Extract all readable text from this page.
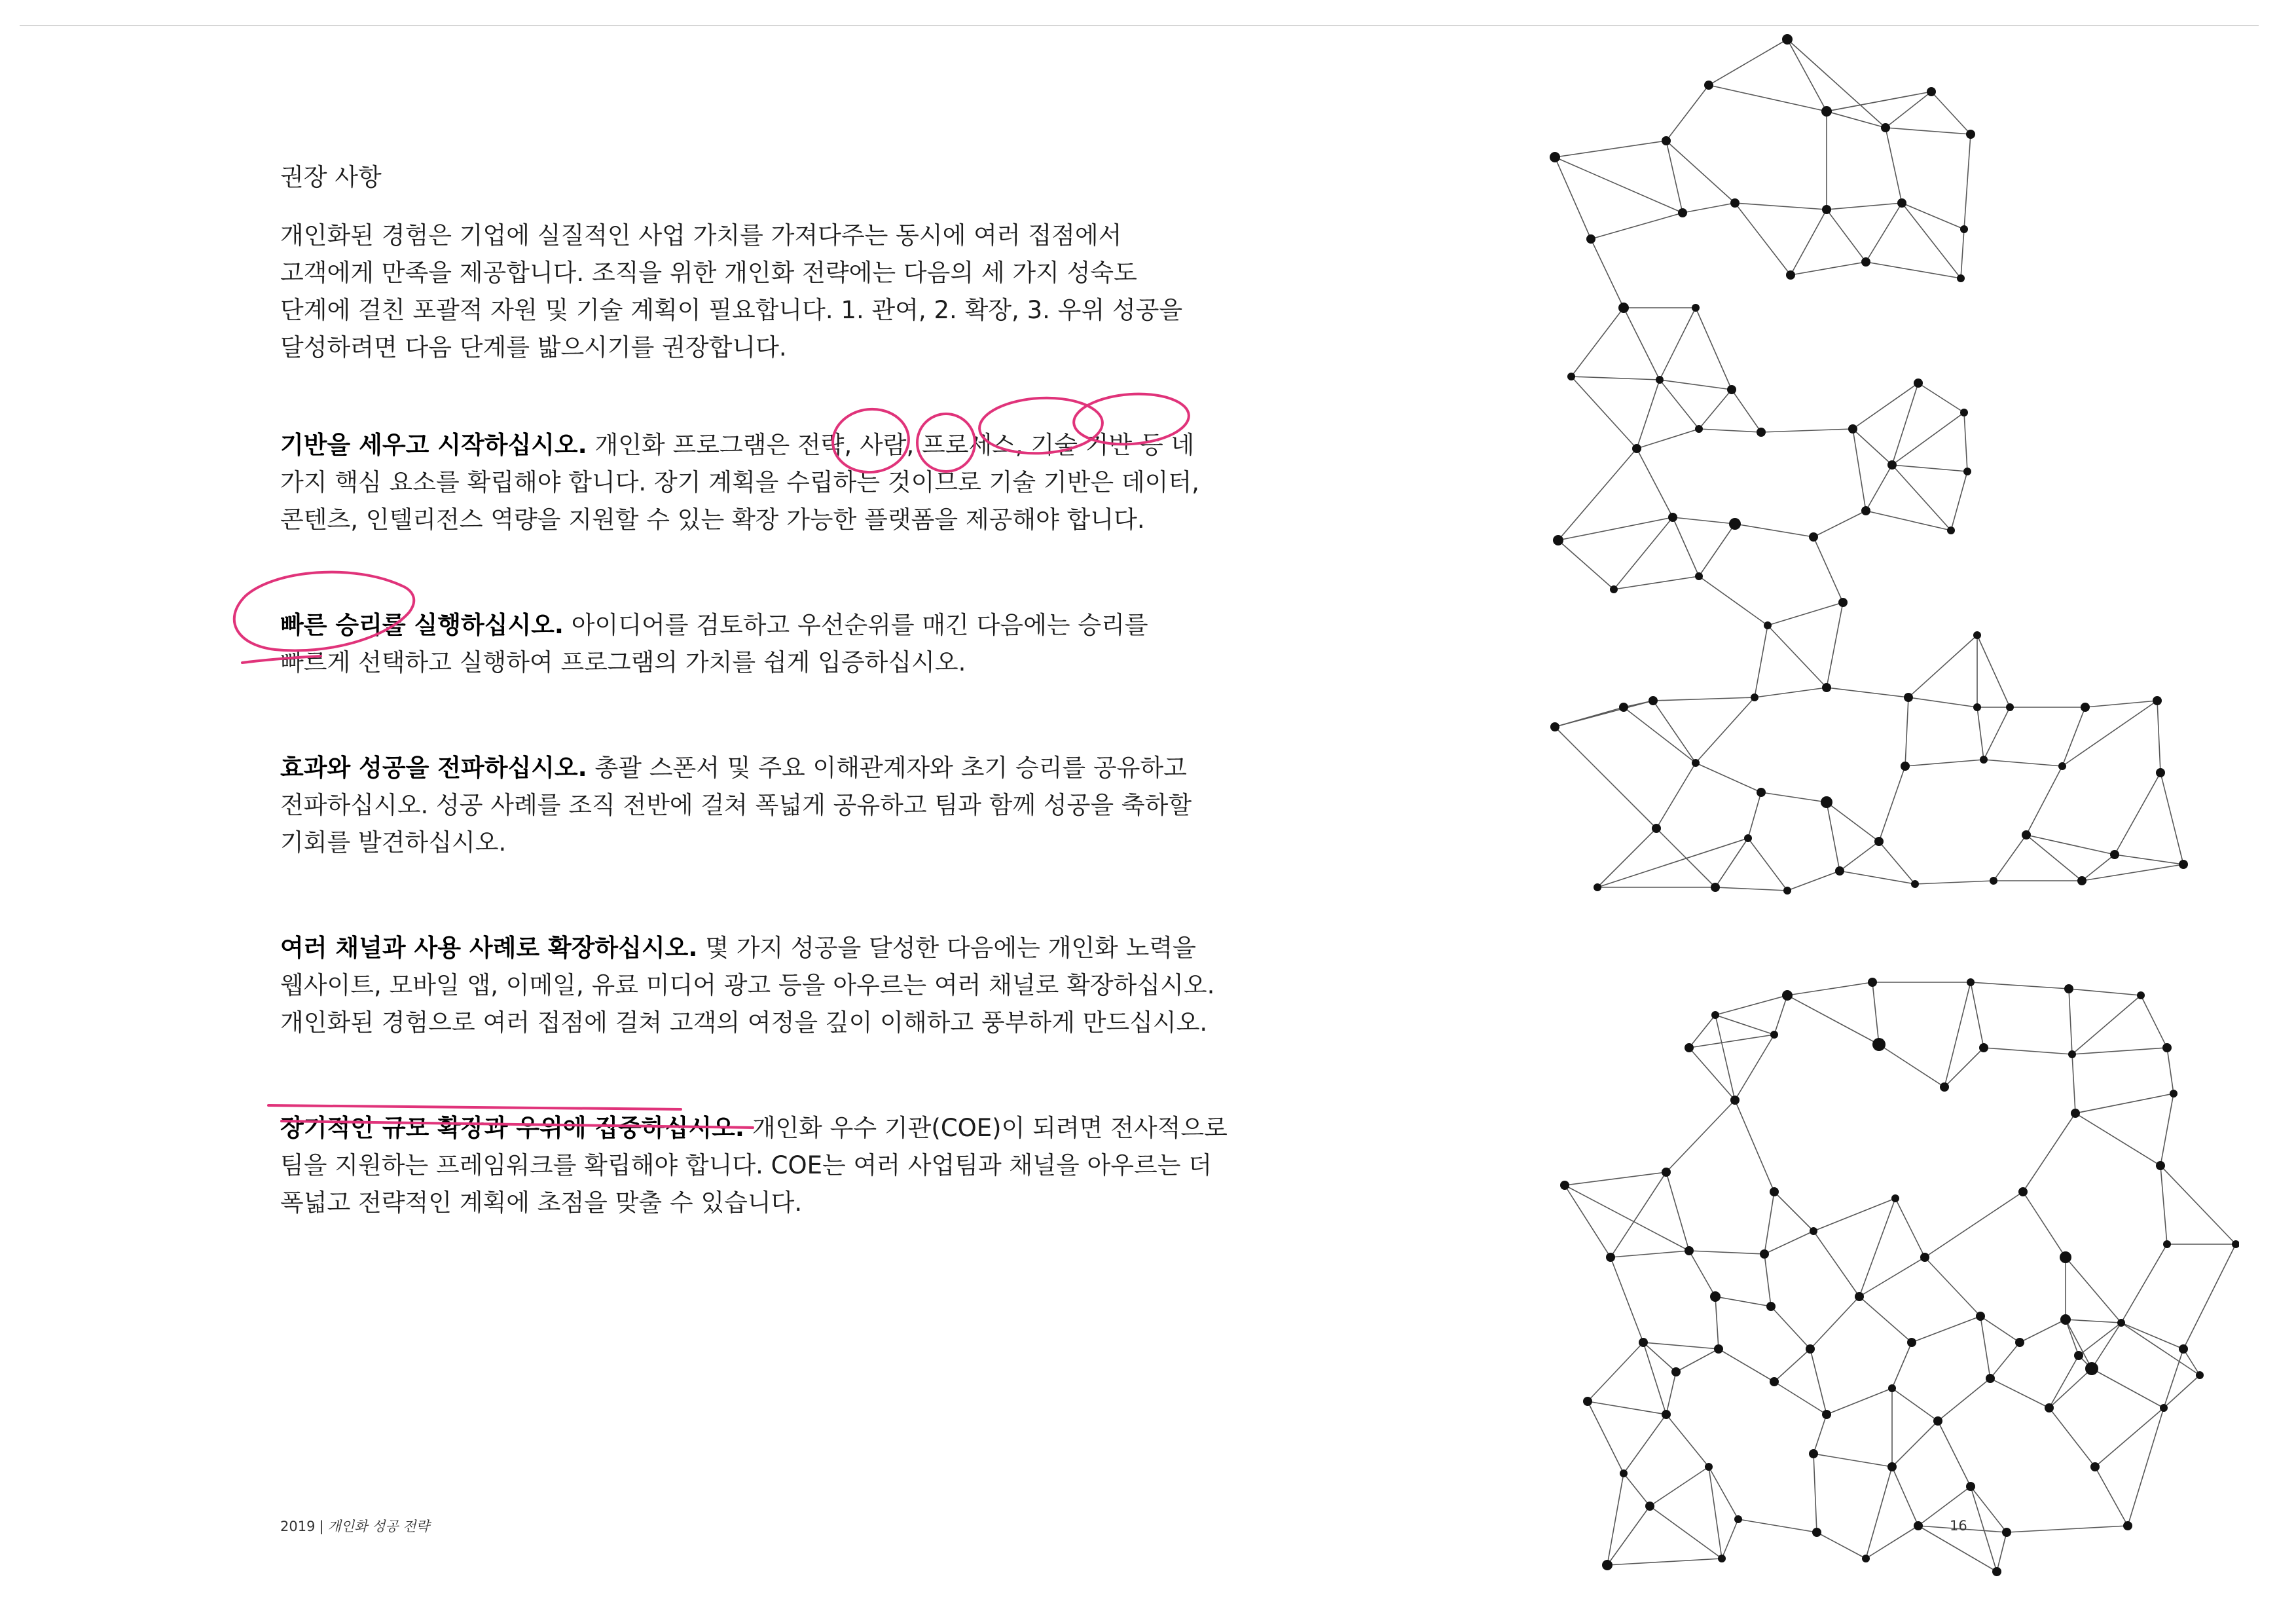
권장 사항

개인화된 경험은 기업에 실질적인 사업 가치를 가져다주는 동시에 여러 접점에서
고객에게 만족을 제공합니다. 조직을 위한 개인화 전략에는 다음의 세 가지 성숙도
단계에 걸친 포괄적 자원 및 기술 계획이 필요합니다. 1. 관여, 2. 확장, 3. 우위 성공을
달성하려면 다음 단계를 밟으시기를 권장합니다.

기반을 세우고 시작하십시오. 개인화 프로그램은 전략, 사람, 프로세스, 기술 기반 등 네
가지 핵심 요소를 확립해야 합니다. 장기 계획을 수립하는 것이므로 기술 기반은 데이터,
콘텐츠, 인텔리전스 역량을 지원할 수 있는 확장 가능한 플랫폼을 제공해야 합니다.

빠른 승리를 실행하십시오. 아이디어를 검토하고 우선순위를 매긴 다음에는 승리를
빠르게 선택하고 실행하여 프로그램의 가치를 쉽게 입증하십시오.

효과와 성공을 전파하십시오. 총괄 스폰서 및 주요 이해관계자와 초기 승리를 공유하고
전파하십시오. 성공 사례를 조직 전반에 걸쳐 폭넓게 공유하고 팀과 함께 성공을 축하할
기회를 발견하십시오.

여러 채널과 사용 사례로 확장하십시오. 몇 가지 성공을 달성한 다음에는 개인화 노력을
웹사이트, 모바일 앱, 이메일, 유료 미디어 광고 등을 아우르는 여러 채널로 확장하십시오.
개인화된 경험으로 여러 접점에 걸쳐 고객의 여정을 깊이 이해하고 풍부하게 만드십시오.

장기적인 규모 확장과 우위에 집중하십시오. 개인화 우수 기관(COE)이 되려면 전사적으로
팀을 지원하는 프레임워크를 확립해야 합니다. COE는 여러 사업팀과 채널을 아우르는 더
폭넓고 전략적인 계획에 초점을 맞출 수 있습니다.

2019 | 개인화 성공 전략	16
